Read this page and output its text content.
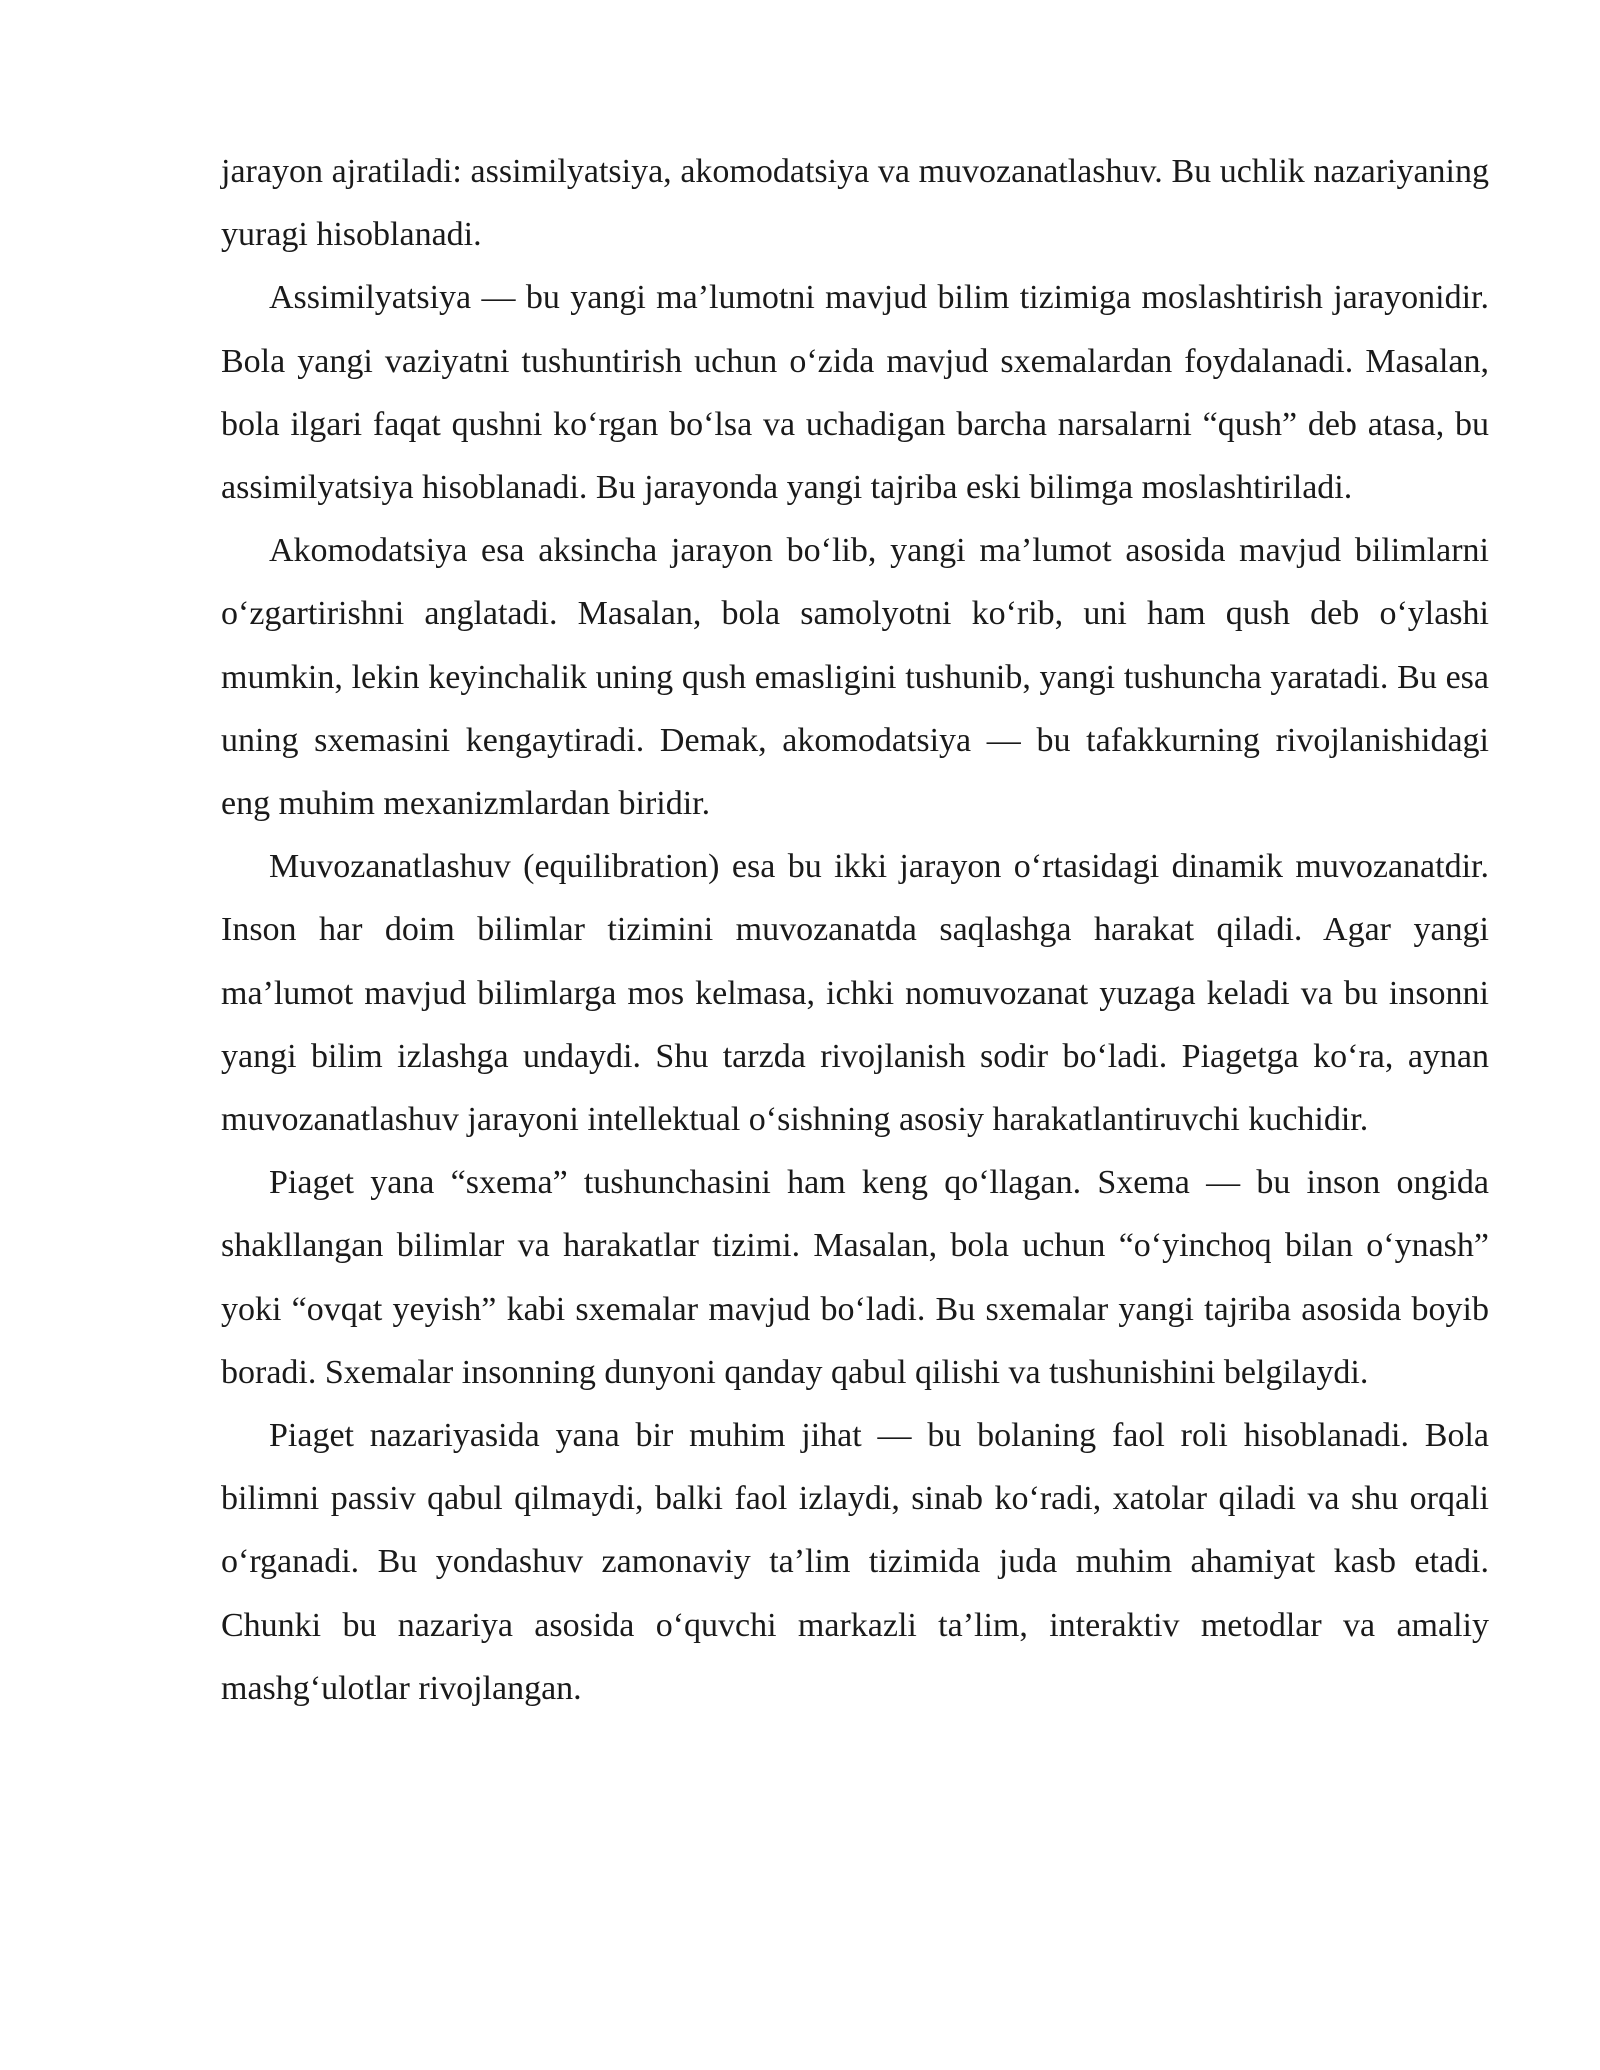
jarayon ajratiladi: assimilyatsiya, akomodatsiya va muvozanatlashuv. Bu uchlik nazariyaning yuragi hisoblanadi.

Assimilyatsiya — bu yangi ma’lumotni mavjud bilim tizimiga moslashtirish jarayonidir. Bola yangi vaziyatni tushuntirish uchun o‘zida mavjud sxemalardan foydalanadi. Masalan, bola ilgari faqat qushni ko‘rgan bo‘lsa va uchadigan barcha narsalarni “qush” deb atasa, bu assimilyatsiya hisoblanadi. Bu jarayonda yangi tajriba eski bilimga moslashtiriladi.

Akomodatsiya esa aksincha jarayon bo‘lib, yangi ma’lumot asosida mavjud bilimlarni o‘zgartirishni anglatadi. Masalan, bola samolyotni ko‘rib, uni ham qush deb o‘ylashi mumkin, lekin keyinchalik uning qush emasligini tushunib, yangi tushuncha yaratadi. Bu esa uning sxemasini kengaytiradi. Demak, akomodatsiya — bu tafakkurning rivojlanishidagi eng muhim mexanizmlardan biridir.

Muvozanatlashuv (equilibration) esa bu ikki jarayon o‘rtasidagi dinamik muvozanatdir. Inson har doim bilimlar tizimini muvozanatda saqlashga harakat qiladi. Agar yangi ma’lumot mavjud bilimlarga mos kelmasa, ichki nomuvozanat yuzaga keladi va bu insonni yangi bilim izlashga undaydi. Shu tarzda rivojlanish sodir bo‘ladi. Piagetga ko‘ra, aynan muvozanatlashuv jarayoni intellektual o‘sishning asosiy harakatlantiruvchi kuchidir.

Piaget yana “sxema” tushunchasini ham keng qo‘llagan. Sxema — bu inson ongida shakllangan bilimlar va harakatlar tizimi. Masalan, bola uchun “o‘yinchoq bilan o‘ynash” yoki “ovqat yeyish” kabi sxemalar mavjud bo‘ladi. Bu sxemalar yangi tajriba asosida boyib boradi. Sxemalar insonning dunyoni qanday qabul qilishi va tushunishini belgilaydi.

Piaget nazariyasida yana bir muhim jihat — bu bolaning faol roli hisoblanadi. Bola bilimni passiv qabul qilmaydi, balki faol izlaydi, sinab ko‘radi, xatolar qiladi va shu orqali o‘rganadi. Bu yondashuv zamonaviy ta’lim tizimida juda muhim ahamiyat kasb etadi. Chunki bu nazariya asosida o‘quvchi markazli ta’lim, interaktiv metodlar va amaliy mashg‘ulotlar rivojlangan.
